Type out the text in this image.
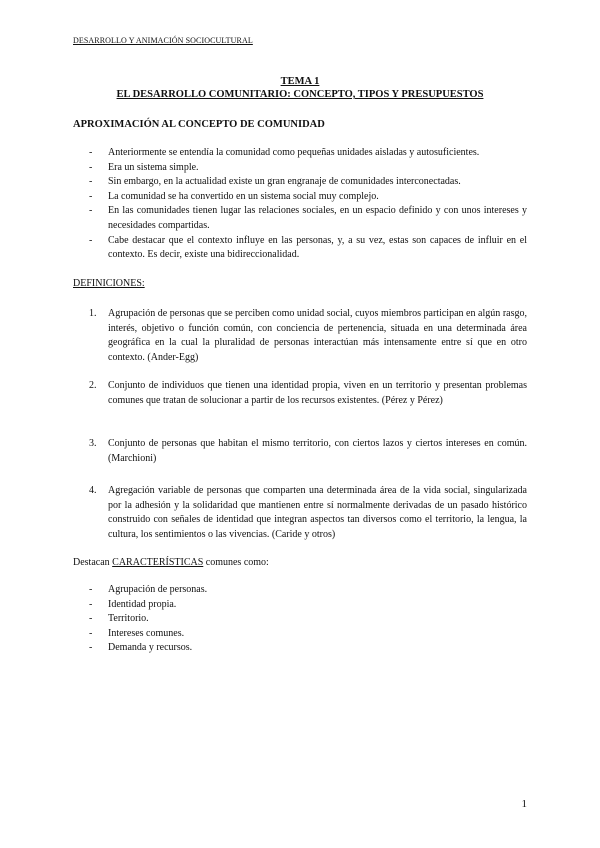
DESARROLLO Y ANIMACIÓN SOCIOCULTURAL
TEMA 1
EL DESARROLLO COMUNITARIO: CONCEPTO, TIPOS Y PRESUPUESTOS
APROXIMACIÓN AL CONCEPTO DE COMUNIDAD
- Anteriormente se entendía la comunidad como pequeñas unidades aisladas y autosuficientes.
- Era un sistema simple.
- Sin embargo, en la actualidad existe un gran engranaje de comunidades interconectadas.
- La comunidad se ha convertido en un sistema social muy complejo.
- En las comunidades tienen lugar las relaciones sociales, en un espacio definido y con unos intereses y necesidades compartidas.
- Cabe destacar que el contexto influye en las personas, y, a su vez, estas son capaces de influir en el contexto. Es decir, existe una bidireccionalidad.
DEFINICIONES:
1. Agrupación de personas que se perciben como unidad social, cuyos miembros participan en algún rasgo, interés, objetivo o función común, con conciencia de pertenencia, situada en una determinada área geográfica en la cual la pluralidad de personas interactúan más intensamente entre sí que en otro contexto. (Ander-Egg)
2. Conjunto de individuos que tienen una identidad propia, viven en un territorio y presentan problemas comunes que tratan de solucionar a partir de los recursos existentes. (Pérez y Pérez)
3. Conjunto de personas que habitan el mismo territorio, con ciertos lazos y ciertos intereses en común. (Marchioni)
4. Agregación variable de personas que comparten una determinada área de la vida social, singularizada por la adhesión y la solidaridad que mantienen entre sí normalmente derivadas de un pasado histórico construido con señales de identidad que integran aspectos tan diversos como el territorio, la lengua, la cultura, los sentimientos o las vivencias. (Caride y otros)
Destacan CARACTERÍSTICAS comunes como:
- Agrupación de personas.
- Identidad propia.
- Territorio.
- Intereses comunes.
- Demanda y recursos.
1
